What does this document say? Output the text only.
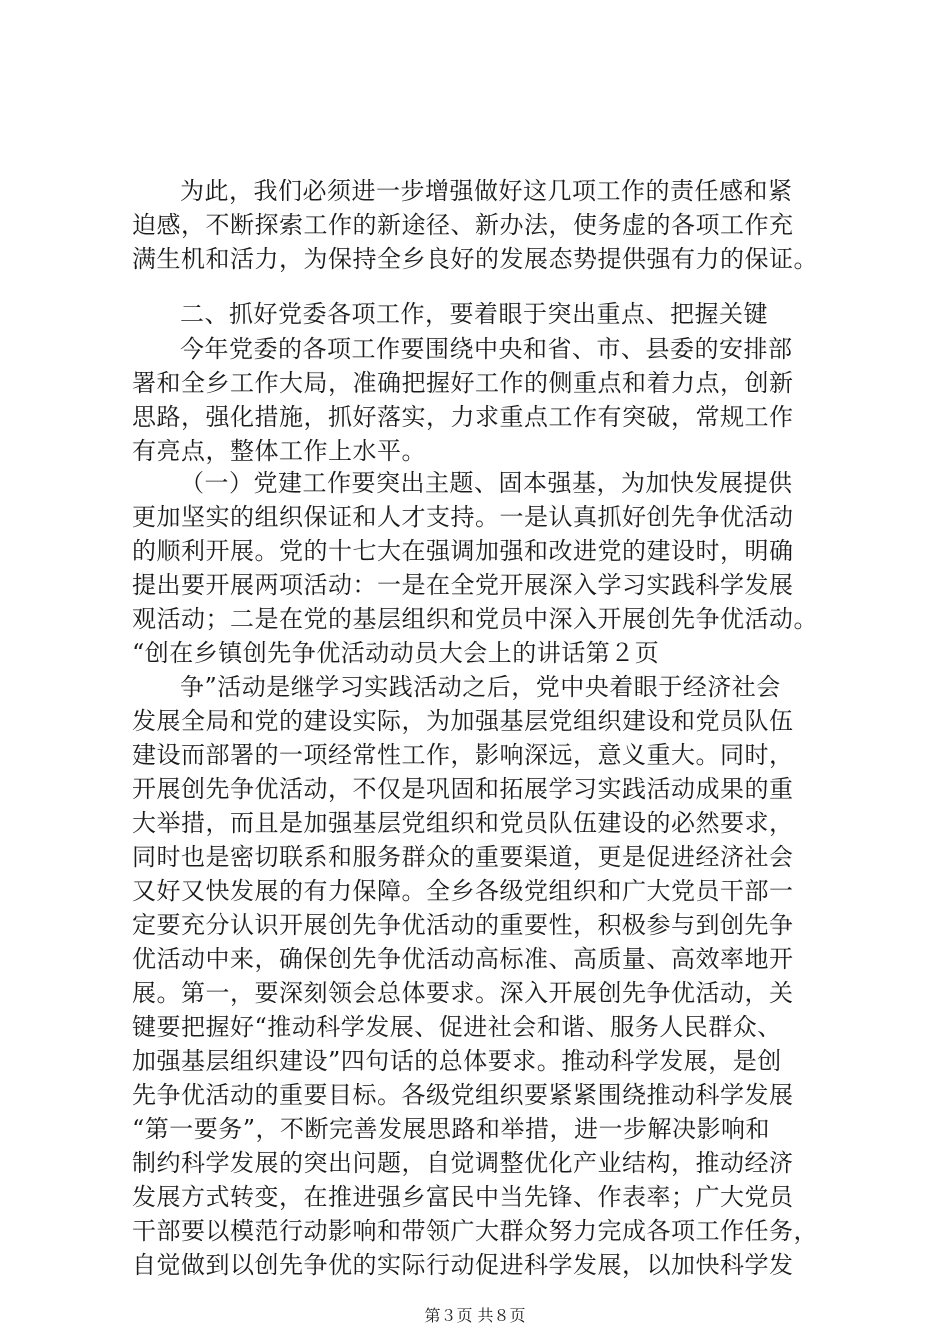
为此，我们必须进一步增强做好这几项工作的责任感和紧
迫感，不断探索工作的新途径、新办法，使务虚的各项工作充
满生机和活力，为保持全乡良好的发展态势提供强有力的保证。
二、抓好党委各项工作，要着眼于突出重点、把握关键
今年党委的各项工作要围绕中央和省、市、县委的安排部
署和全乡工作大局，准确把握好工作的侧重点和着力点，创新
思路，强化措施，抓好落实，力求重点工作有突破，常规工作
有亮点，整体工作上水平。
（一）党建工作要突出主题、固本强基，为加快发展提供
更加坚实的组织保证和人才支持。一是认真抓好创先争优活动
的顺利开展。党的十七大在强调加强和改进党的建设时，明确
提出要开展两项活动：一是在全党开展深入学习实践科学发展
观活动；二是在党的基层组织和党员中深入开展创先争优活动。
“创在乡镇创先争优活动动员大会上的讲话第２页
争”活动是继学习实践活动之后，党中央着眼于经济社会
发展全局和党的建设实际，为加强基层党组织建设和党员队伍
建设而部署的一项经常性工作，影响深远，意义重大。同时，
开展创先争优活动，不仅是巩固和拓展学习实践活动成果的重
大举措，而且是加强基层党组织和党员队伍建设的必然要求，
同时也是密切联系和服务群众的重要渠道，更是促进经济社会
又好又快发展的有力保障。全乡各级党组织和广大党员干部一
定要充分认识开展创先争优活动的重要性，积极参与到创先争
优活动中来，确保创先争优活动高标准、高质量、高效率地开
展。第一，要深刻领会总体要求。深入开展创先争优活动，关
键要把握好“推动科学发展、促进社会和谐、服务人民群众、
加强基层组织建设”四句话的总体要求。推动科学发展，是创
先争优活动的重要目标。各级党组织要紧紧围绕推动科学发展
“第一要务”，不断完善发展思路和举措，进一步解决影响和
制约科学发展的突出问题，自觉调整优化产业结构，推动经济
发展方式转变，在推进强乡富民中当先锋、作表率；广大党员
干部要以模范行动影响和带领广大群众努力完成各项工作任务，
自觉做到以创先争优的实际行动促进科学发展，以加快科学发
第３页 共８页
